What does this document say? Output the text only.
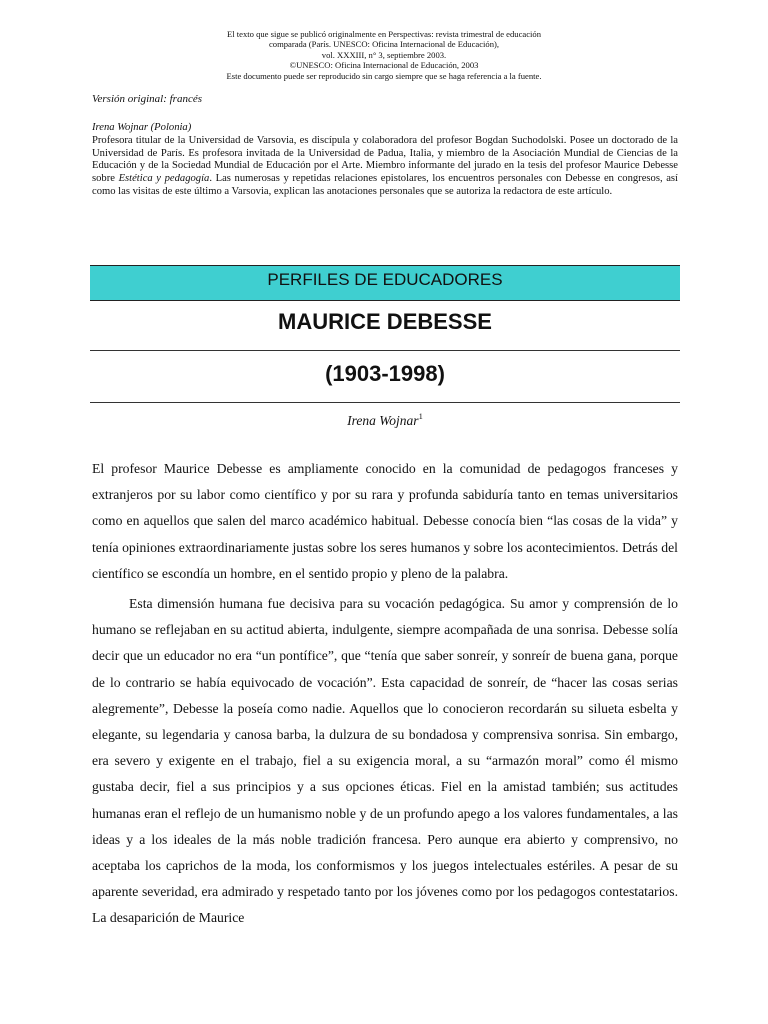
El texto que sigue se publicó originalmente en Perspectivas: revista trimestral de educación
comparada (París. UNESCO: Oficina Internacional de Educación),
vol. XXXIII, n° 3, septiembre 2003.
©UNESCO: Oficina Internacional de Educación, 2003
Este documento puede ser reproducido sin cargo siempre que se haga referencia a la fuente.
Versión original: francés
Irena Wojnar (Polonia)
Profesora titular de la Universidad de Varsovia, es discípula y colaboradora del profesor Bogdan Suchodolski. Posee un doctorado de la Universidad de París. Es profesora invitada de la Universidad de Padua, Italia, y miembro de la Asociación Mundial de Ciencias de la Educación y de la Sociedad Mundial de Educación por el Arte. Miembro informante del jurado en la tesis del profesor Maurice Debesse sobre Estética y pedagogía. Las numerosas y repetidas relaciones epistolares, los encuentros personales con Debesse en congresos, así como las visitas de este último a Varsovia, explican las anotaciones personales que se autoriza la redactora de este artículo.
PERFILES DE EDUCADORES
MAURICE DEBESSE
(1903-1998)
Irena Wojnar$^1$

El profesor Maurice Debesse es ampliamente conocido en la comunidad de pedagogos franceses y extranjeros por su labor como científico y por su rara y profunda sabiduría tanto en temas universitarios como en aquellos que salen del marco académico habitual. Debesse conocía bien “las cosas de la vida” y tenía opiniones extraordinariamente justas sobre los seres humanos y sobre los acontecimientos. Detrás del científico se escondía un hombre, en el sentido propio y pleno de la palabra.

Esta dimensión humana fue decisiva para su vocación pedagógica. Su amor y comprensión de lo humano se reflejaban en su actitud abierta, indulgente, siempre acompañada de una sonrisa. Debesse solía decir que un educador no era “un pontífice”, que “tenía que saber sonreír, y sonreír de buena gana, porque de lo contrario se había equivocado de vocación”. Esta capacidad de sonreír, de “hacer las cosas serias alegremente”, Debesse la poseía como nadie. Aquellos que lo conocieron recordarán su silueta esbelta y elegante, su legendaria y canosa barba, la dulzura de su bondadosa y comprensiva sonrisa. Sin embargo, era severo y exigente en el trabajo, fiel a su exigencia moral, a su “armazón moral” como él mismo gustaba decir, fiel a sus principios y a sus opciones éticas. Fiel en la amistad también; sus actitudes humanas eran el reflejo de un humanismo noble y de un profundo apego a los valores fundamentales, a las ideas y a los ideales de la más noble tradición francesa. Pero aunque era abierto y comprensivo, no aceptaba los caprichos de la moda, los conformismos y los juegos intelectuales estériles. A pesar de su aparente severidad, era admirado y respetado tanto por los jóvenes como por los pedagogos contestatarios. La desaparición de Maurice
